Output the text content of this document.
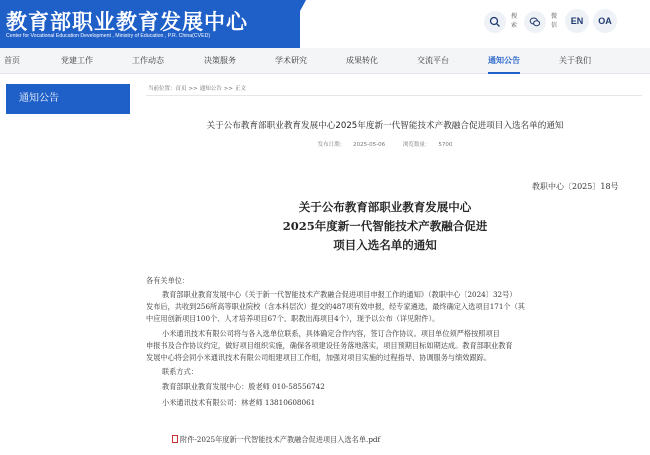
教育部职业教育发展中心
Center for Vocational Education Development , Ministry of Education , P.R. China(CVED)
搜索
微信	EN	OA
首页	党建工作	工作动态	决策服务	学术研究	成果转化	交流平台	通知公告	关于我们
通知公告
当前位置：首页 >> 通知公告 >> 正文
关于公布教育部职业教育发展中心2025年度新一代智能技术产教融合促进项目入选名单的通知
发布日期： 2025-05-06	浏览数量： 5700
教职中心〔2025〕18号
关于公布教育部职业教育发展中心
2025年度新一代智能技术产教融合促进
项目入选名单的通知
各有关单位：
教育部职业教育发展中心《关于新一代智能技术产教融合促进项目申报工作的通知》（教职中心〔2024〕32号）
发布后，共收到256所高等职业院校（含本科层次）提交的487项有效申报，经专家遴选，最终确定入选项目171个（其
中应用创新项目100个、人才培养项目67个、职教出海项目4个），现予以公布（详见附件）。
小米通讯技术有限公司将与各入选单位联系，具体确定合作内容，签订合作协议。项目单位须严格按照项目
申报书及合作协议约定，做好项目组织实施，确保各项建设任务落地落实，项目预期目标如期达成。教育部职业教育
发展中心将会同小米通讯技术有限公司组建项目工作组，加强对项目实施的过程指导、协调服务与绩效跟踪。
联系方式：
教育部职业教育发展中心：殷老师 010-58556742
小米通讯技术有限公司：林老师 13810608061
附件-2025年度新一代智能技术产教融合促进项目入选名单.pdf
